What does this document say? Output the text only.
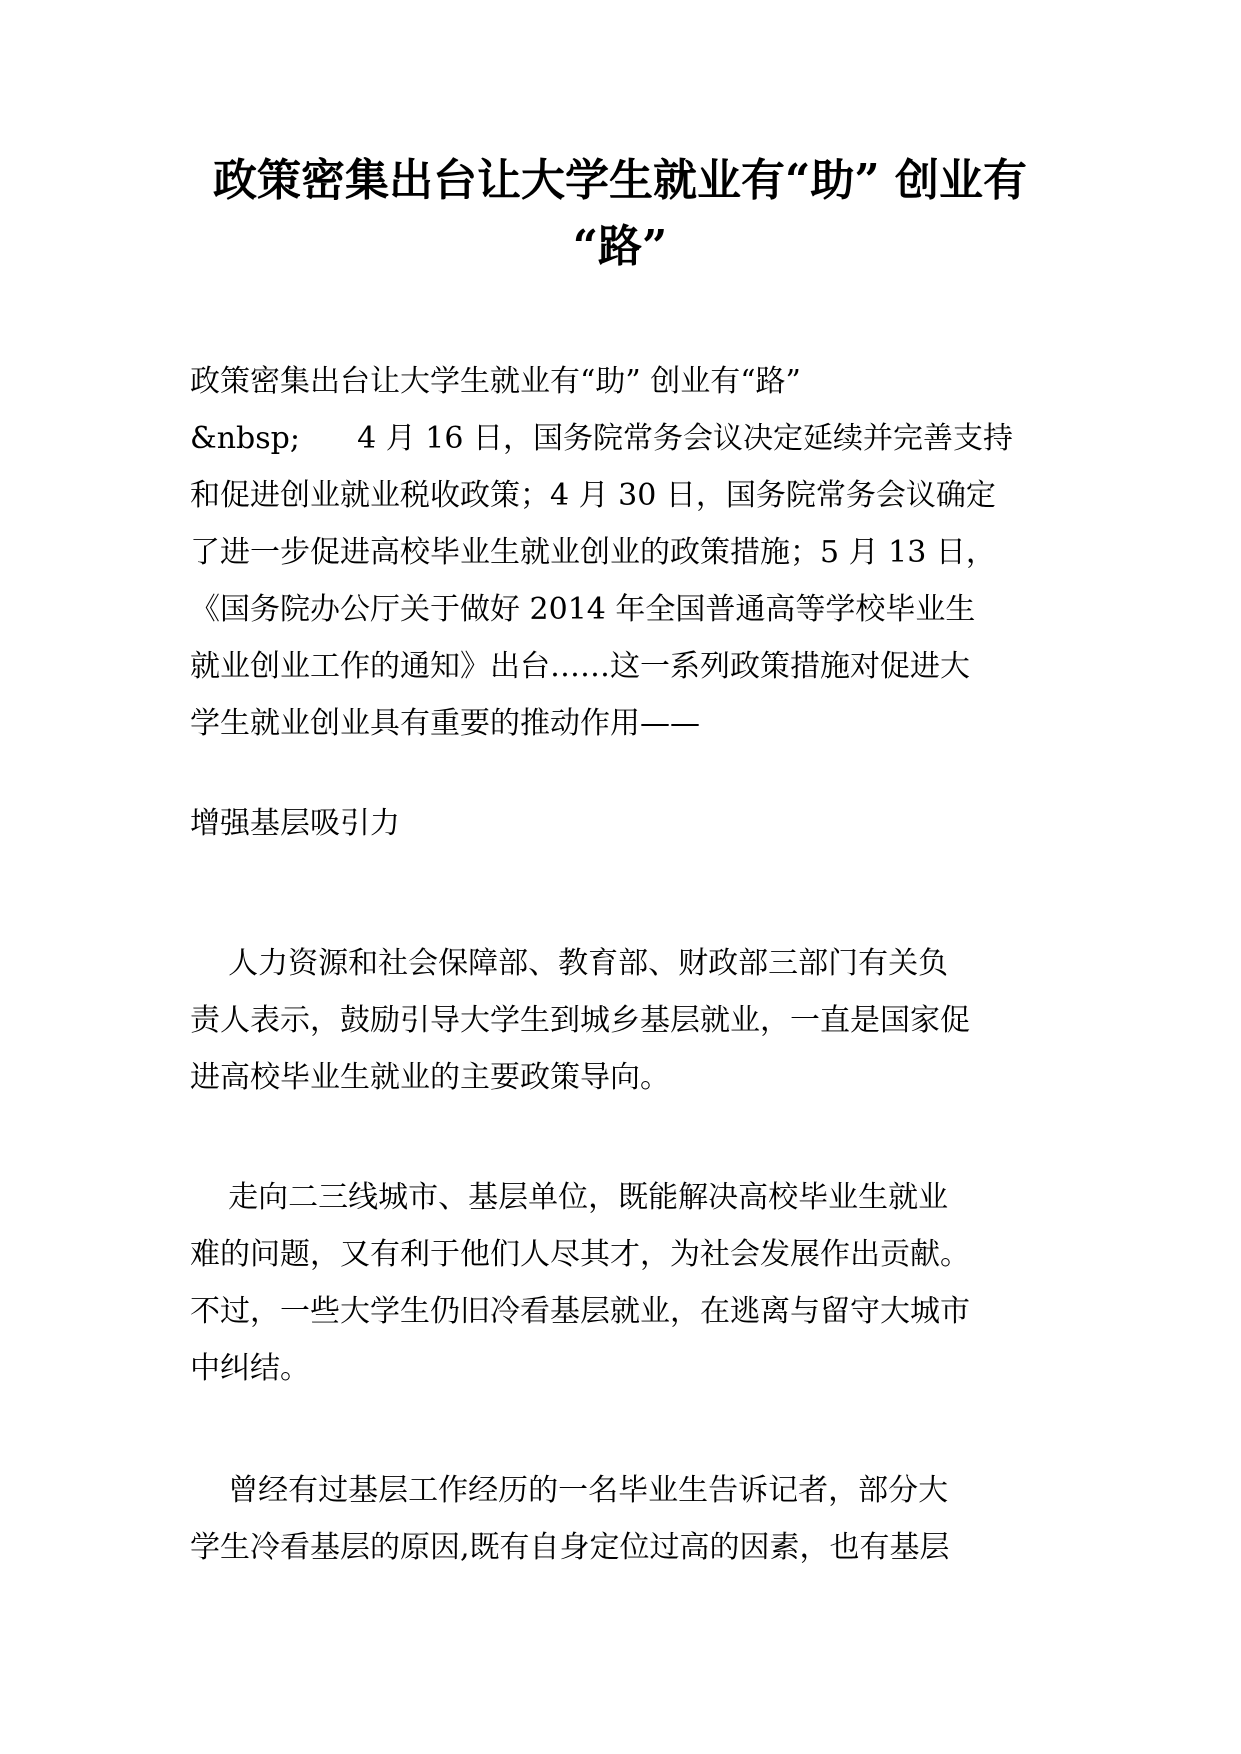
政策密集出台让大学生就业有“助” 创业有
“路”
政策密集出台让大学生就业有“助” 创业有“路”
&nbsp;      4 月 16 日，国务院常务会议决定延续并完善支持
和促进创业就业税收政策；4 月 30 日，国务院常务会议确定
了进一步促进高校毕业生就业创业的政策措施；5 月 13 日，
《国务院办公厅关于做好 2014 年全国普通高等学校毕业生
就业创业工作的通知》出台……这一系列政策措施对促进大
学生就业创业具有重要的推动作用——
增强基层吸引力
人力资源和社会保障部、教育部、财政部三部门有关负
责人表示，鼓励引导大学生到城乡基层就业，一直是国家促
进高校毕业生就业的主要政策导向。
走向二三线城市、基层单位，既能解决高校毕业生就业
难的问题，又有利于他们人尽其才，为社会发展作出贡献。
不过，一些大学生仍旧冷看基层就业，在逃离与留守大城市
中纠结。
曾经有过基层工作经历的一名毕业生告诉记者，部分大
学生冷看基层的原因,既有自身定位过高的因素，也有基层
